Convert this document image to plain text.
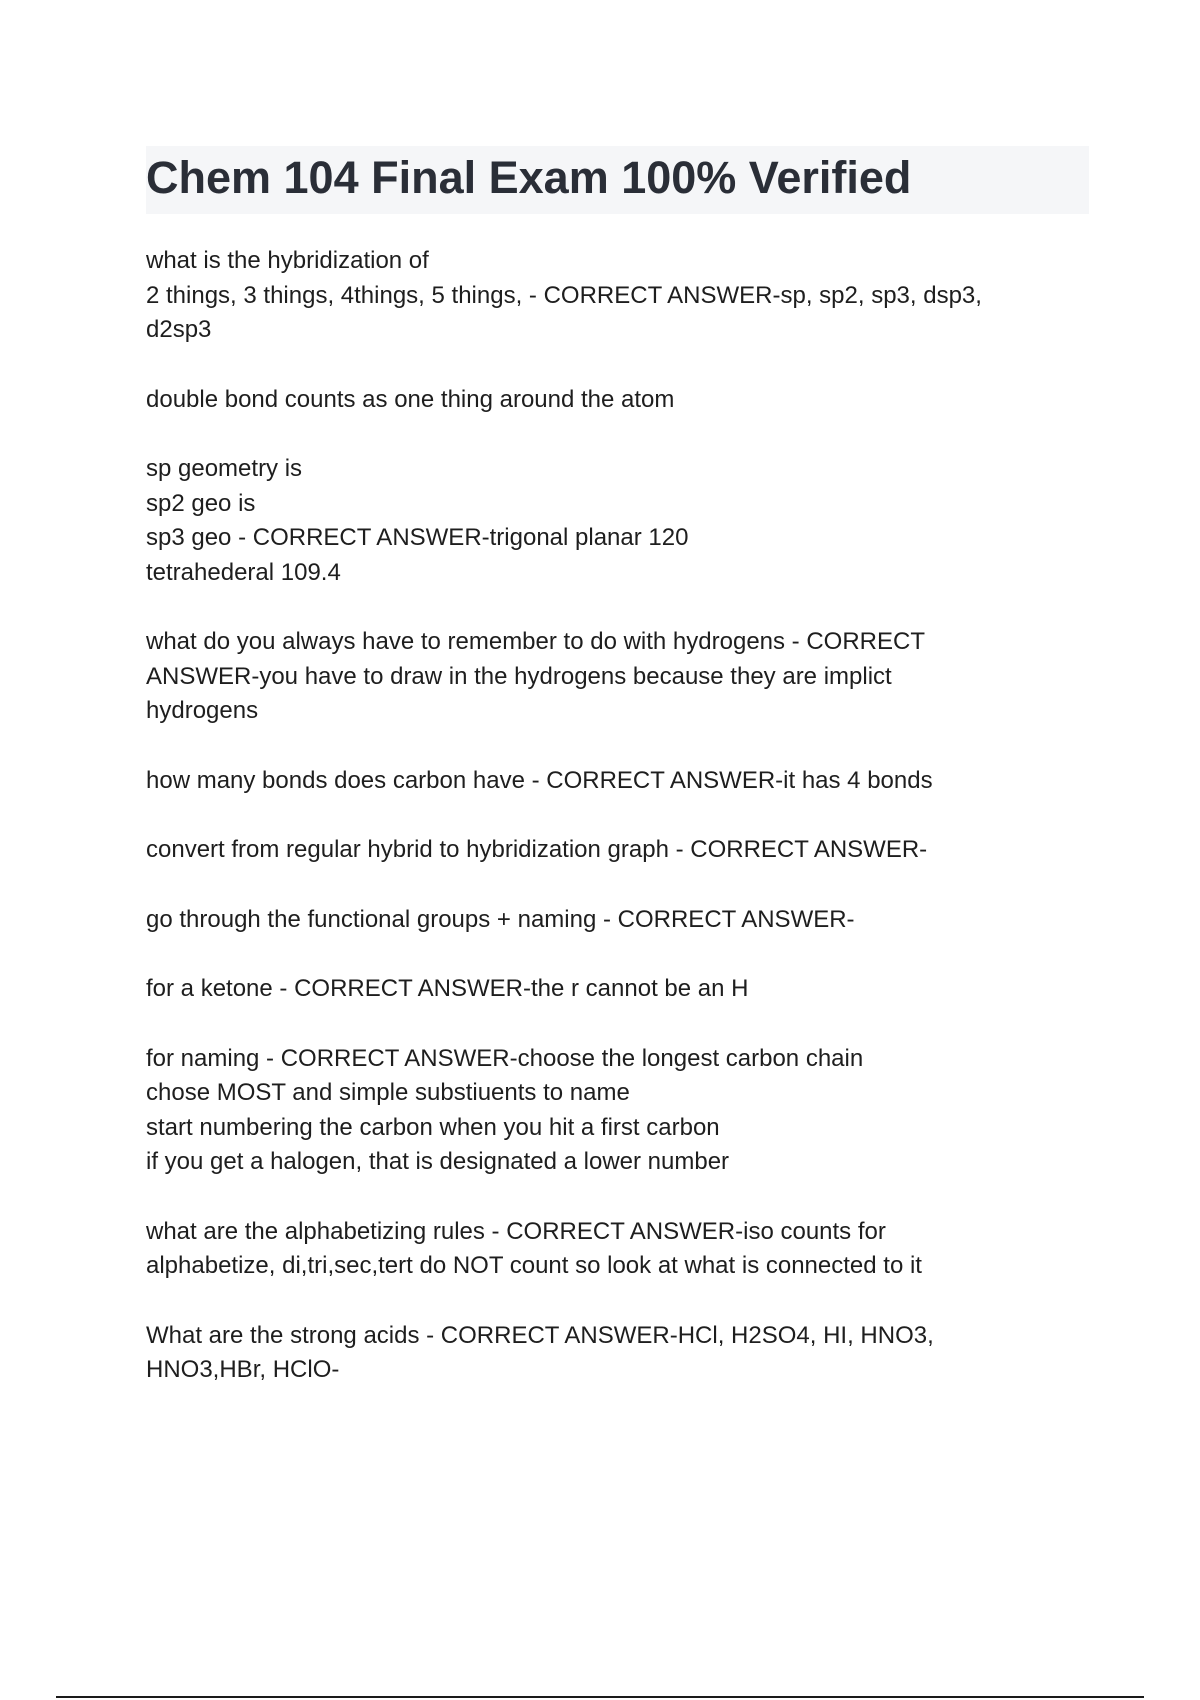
Chem 104 Final Exam 100% Verified
what is the hybridization of
2 things, 3 things, 4things, 5 things, - CORRECT ANSWER-sp, sp2, sp3, dsp3,
d2sp3
double bond counts as one thing around the atom
sp geometry is
sp2 geo is
sp3 geo - CORRECT ANSWER-trigonal planar 120
tetrahederal 109.4
what do you always have to remember to do with hydrogens - CORRECT
ANSWER-you have to draw in the hydrogens because they are implict
hydrogens
how many bonds does carbon have - CORRECT ANSWER-it has 4 bonds
convert from regular hybrid to hybridization graph - CORRECT ANSWER-
go through the functional groups + naming - CORRECT ANSWER-
for a ketone - CORRECT ANSWER-the r cannot be an H
for naming - CORRECT ANSWER-choose the longest carbon chain
chose MOST and simple substiuents to name
start numbering the carbon when you hit a first carbon
if you get a halogen, that is designated a lower number
what are the alphabetizing rules - CORRECT ANSWER-iso counts for
alphabetize, di,tri,sec,tert do NOT count so look at what is connected to it
What are the strong acids - CORRECT ANSWER-HCl, H2SO4, HI, HNO3,
HNO3,HBr, HClO-
